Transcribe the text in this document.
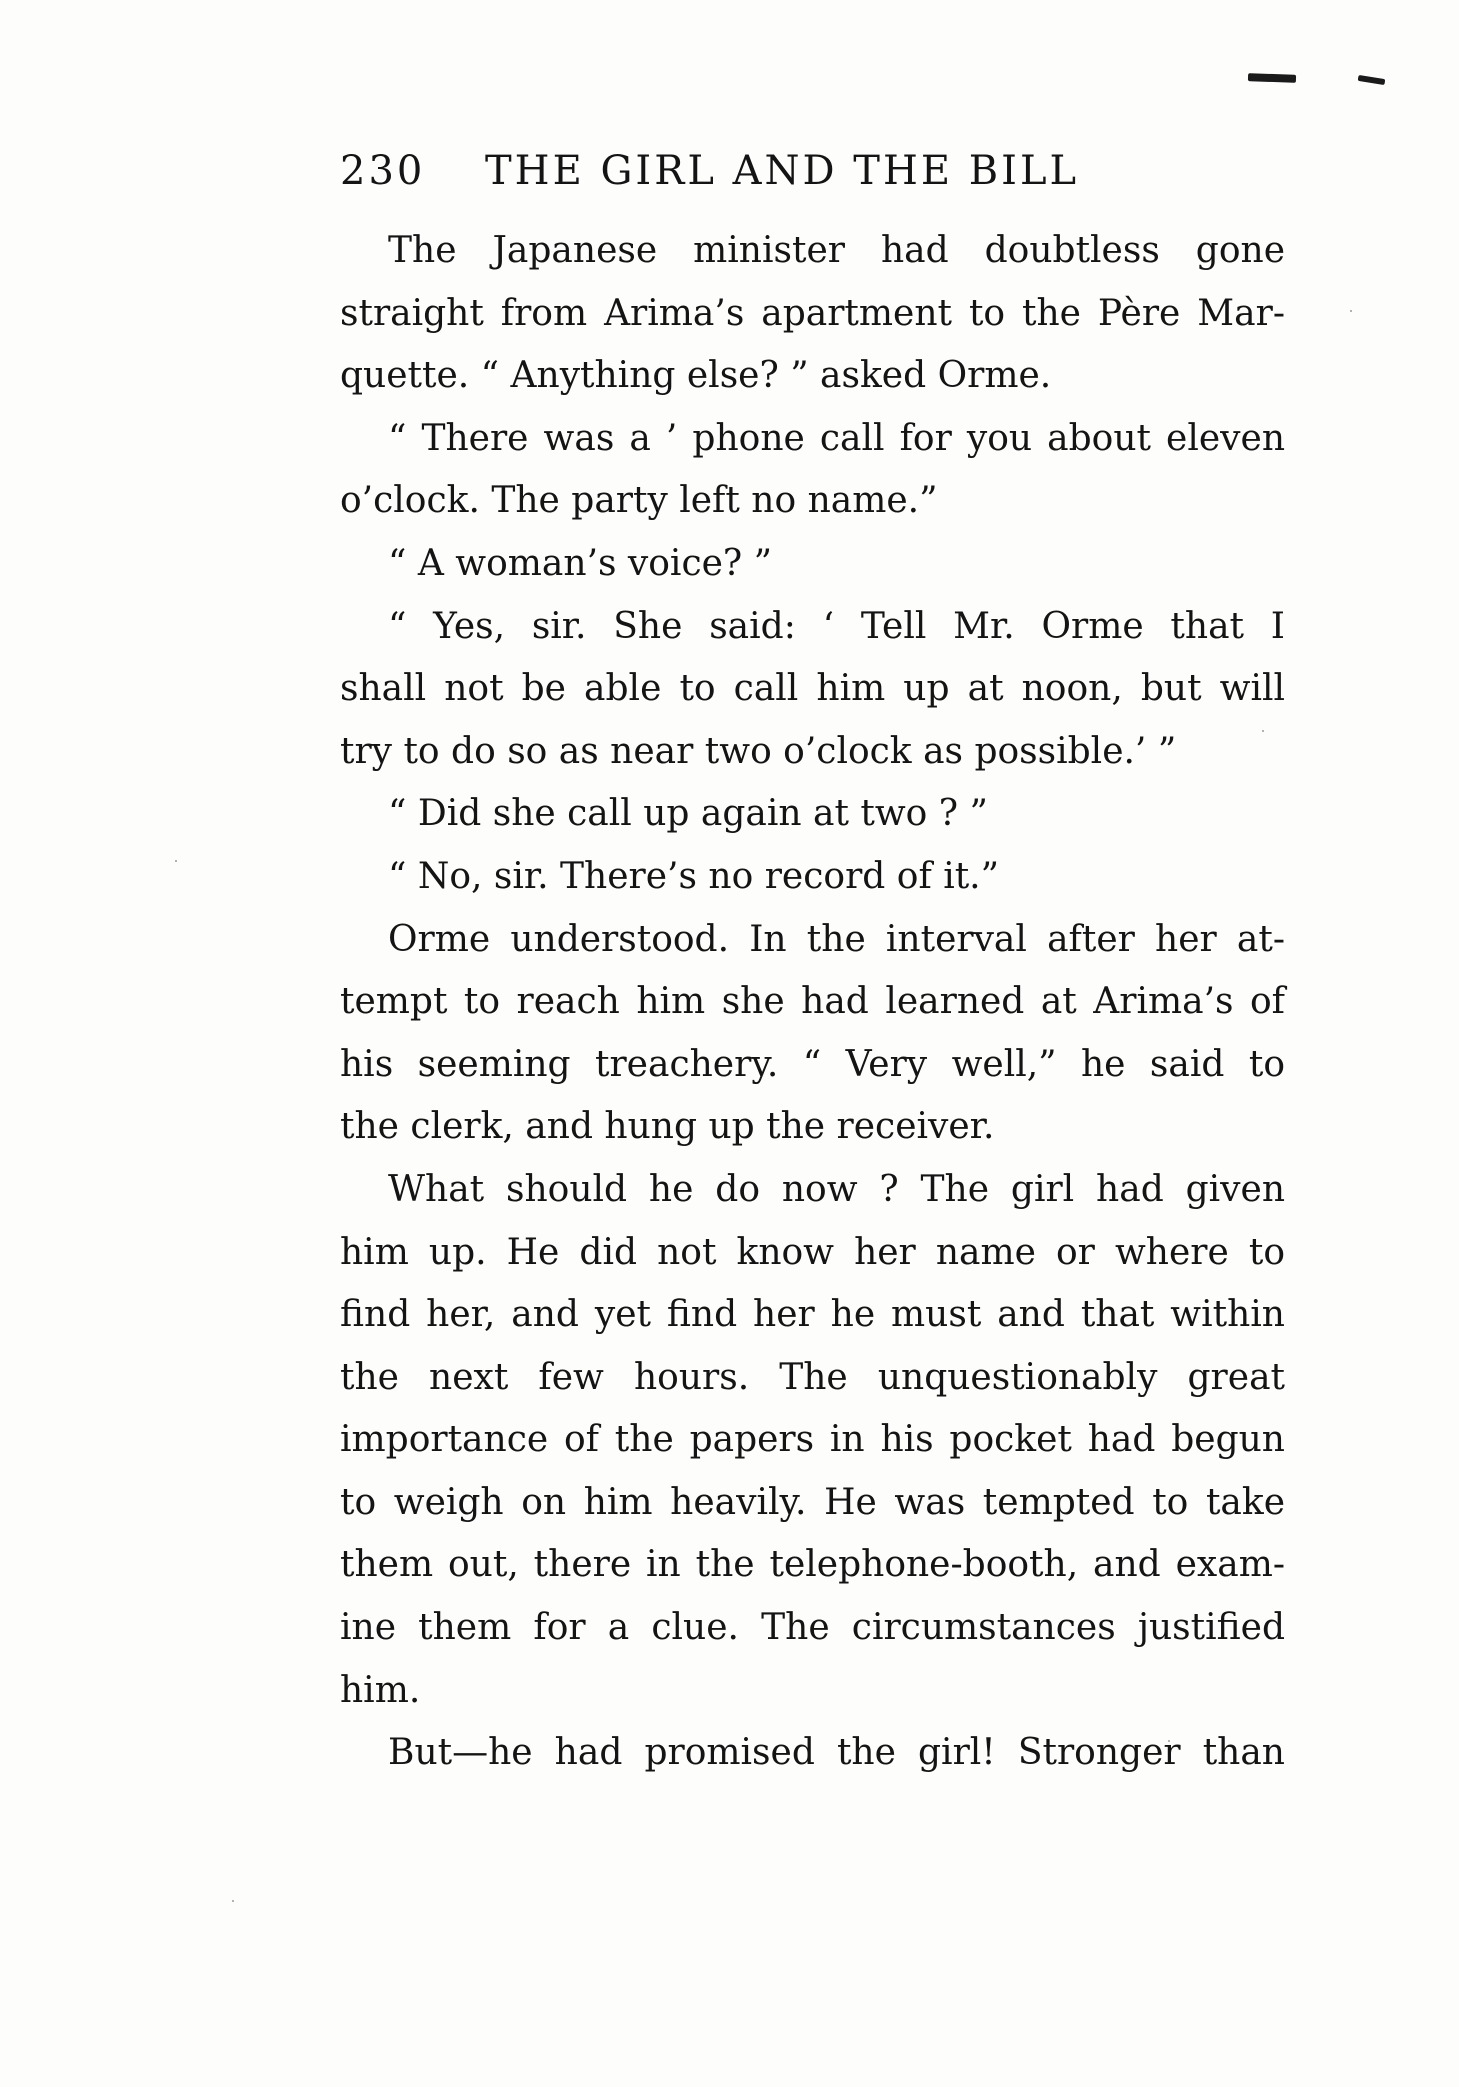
230 THE GIRL AND THE BILL
The Japanese minister had doubtless gone
straight from Arima’s apartment to the Père Mar-
quette. “ Anything else? ” asked Orme.
“ There was a ’ phone call for you about eleven
o’clock. The party left no name.”
“ A woman’s voice? ”
“ Yes, sir. She said: ‘ Tell Mr. Orme that I
shall not be able to call him up at noon, but will
try to do so as near two o’clock as possible.’ ”
“ Did she call up again at two ? ”
“ No, sir. There’s no record of it.”
Orme understood. In the interval after her at-
tempt to reach him she had learned at Arima’s of
his seeming treachery. “ Very well,” he said to
the clerk, and hung up the receiver.
What should he do now ? The girl had given
him up. He did not know her name or where to
find her, and yet find her he must and that within
the next few hours. The unquestionably great
importance of the papers in his pocket had begun
to weigh on him heavily. He was tempted to take
them out, there in the telephone-booth, and exam-
ine them for a clue. The circumstances justified
him.
But—he had promised the girl! Stronger than
